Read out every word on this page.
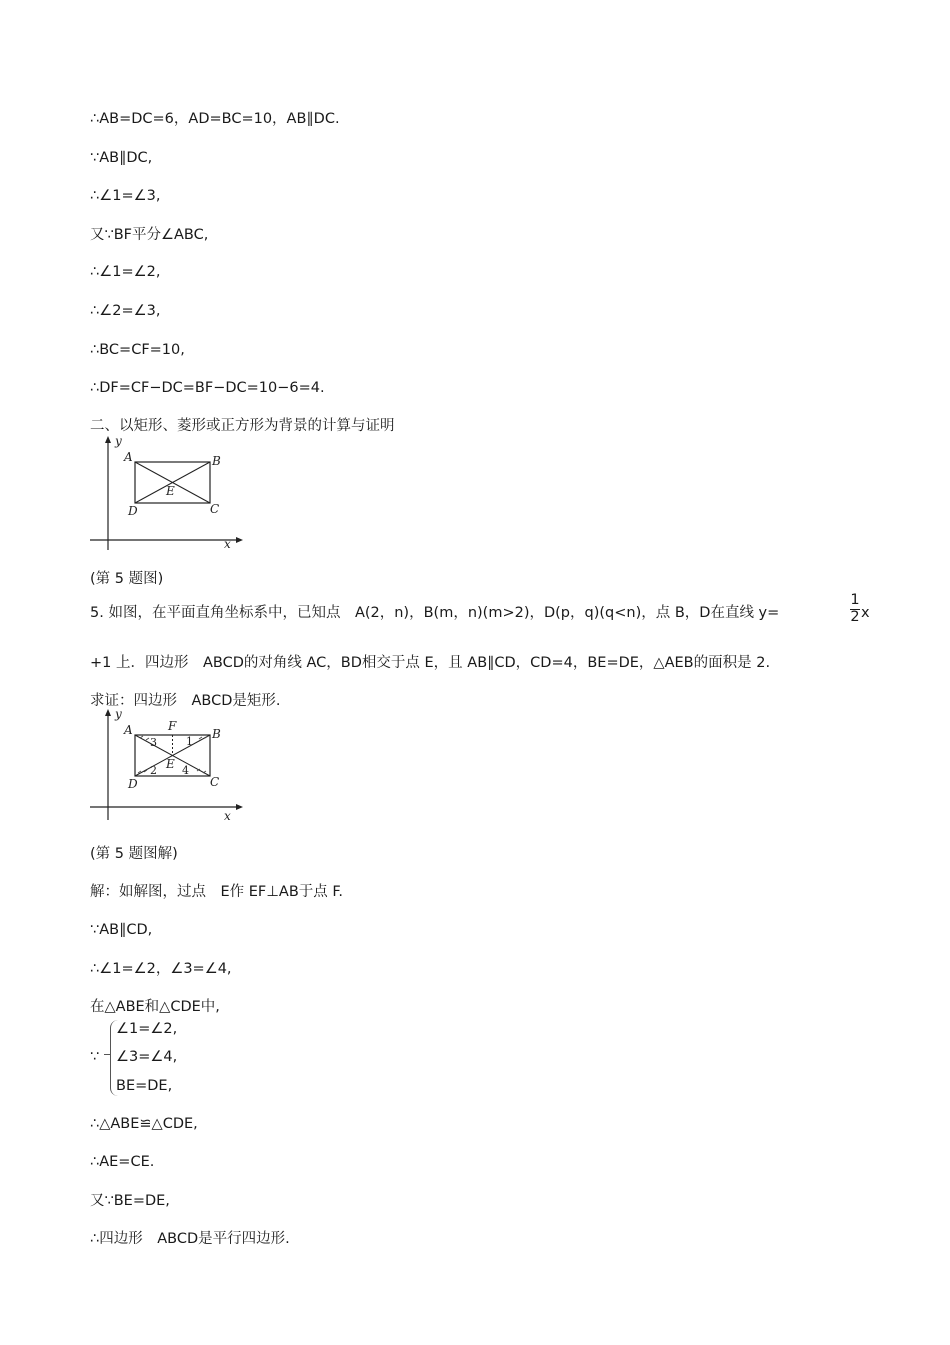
∴AB=DC=6，AD=BC=10，AB∥DC.
∵AB∥DC,
∴∠1=∠3,
又∵BF平分∠ABC,
∴∠1=∠2,
∴∠2=∠3,
∴BC=CF=10,
∴DF=CF−DC=BF−DC=10−6=4.
二、以矩形、菱形或正方形为背景的计算与证明
y
x
A	B
C
D
E
(第 5 题图)
5. 如图，在平面直角坐标系中，已知点　A(2，n)，B(m，n)(m>2)，D(p，q)(q<n)，点 B，D在直线 y=
1
2 x
+1 上．四边形　ABCD的对角线 AC，BD相交于点 E，且 AB∥CD，CD=4，BE=DE，△AEB的面积是 2.
求证：四边形　ABCD是矩形.
y
x
A	B
C
D
E
F
1
2
3
4
(第 5 题图解)
解：如解图，过点　E作 EF⊥AB于点 F.
∵AB∥CD,
∴∠1=∠2，∠3=∠4,
在△ABE和△CDE中,
∵
∠1=∠2,
∠3=∠4,
BE=DE,
∴△ABE≌△CDE,
∴AE=CE.
又∵BE=DE,
∴四边形　ABCD是平行四边形.
